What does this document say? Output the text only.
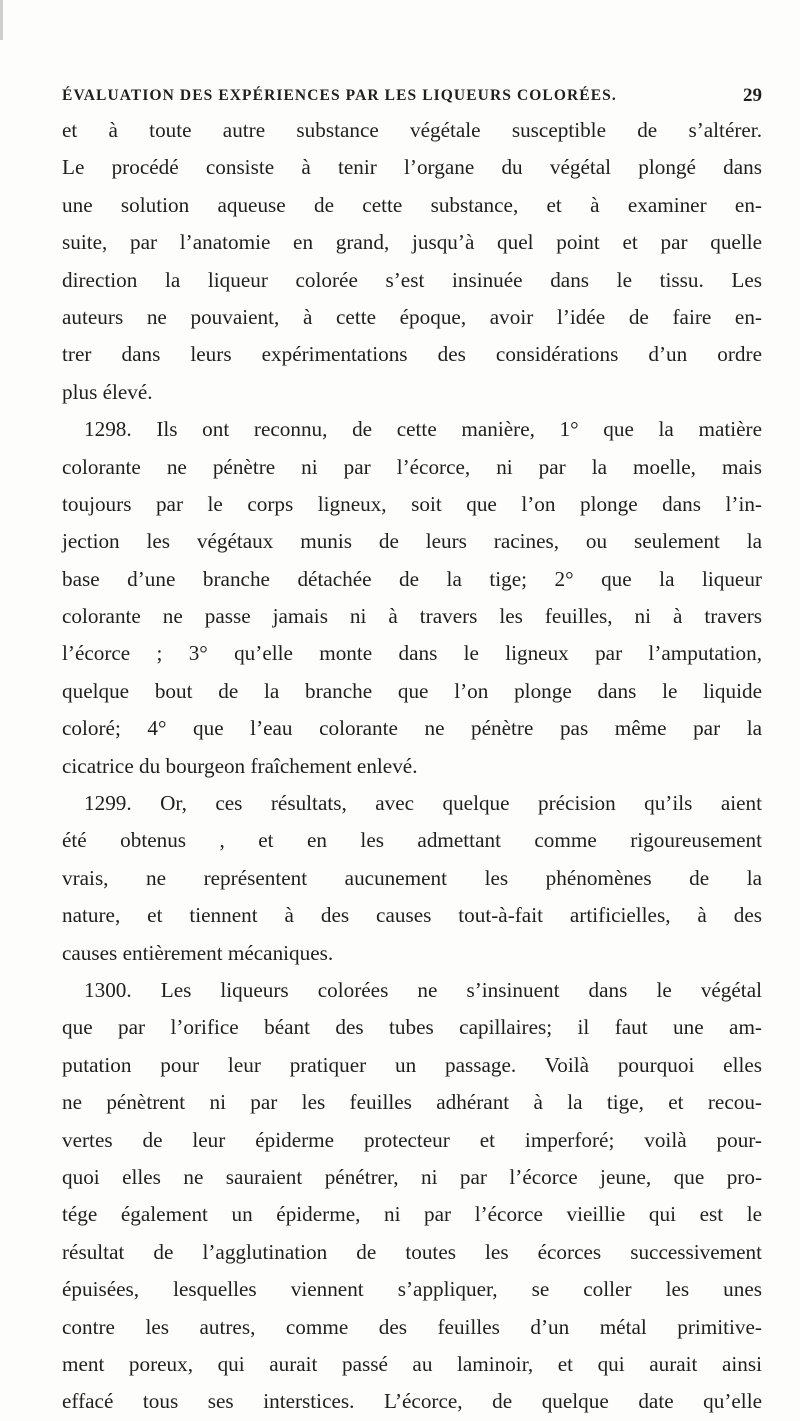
ÉVALUATION DES EXPÉRIENCES PAR LES LIQUEURS COLORÉES.	29
et à toute autre substance végétale susceptible de s’altérer.
Le procédé consiste à tenir l’organe du végétal plongé dans
une solution aqueuse de cette substance, et à examiner en-
suite, par l’anatomie en grand, jusqu’à quel point et par quelle
direction la liqueur colorée s’est insinuée dans le tissu. Les
auteurs ne pouvaient, à cette époque, avoir l’idée de faire en-
trer dans leurs expérimentations des considérations d’un ordre
plus élevé.
1298. Ils ont reconnu, de cette manière, 1° que la matière
colorante ne pénètre ni par l’écorce, ni par la moelle, mais
toujours par le corps ligneux, soit que l’on plonge dans l’in-
jection les végétaux munis de leurs racines, ou seulement la
base d’une branche détachée de la tige; 2° que la liqueur
colorante ne passe jamais ni à travers les feuilles, ni à travers
l’écorce ; 3° qu’elle monte dans le ligneux par l’amputation,
quelque bout de la branche que l’on plonge dans le liquide
coloré; 4° que l’eau colorante ne pénètre pas même par la
cicatrice du bourgeon fraîchement enlevé.
1299. Or, ces résultats, avec quelque précision qu’ils aient
été obtenus , et en les admettant comme rigoureusement
vrais, ne représentent aucunement les phénomènes de la
nature, et tiennent à des causes tout-à-fait artificielles, à des
causes entièrement mécaniques.
1300. Les liqueurs colorées ne s’insinuent dans le végétal
que par l’orifice béant des tubes capillaires; il faut une am-
putation pour leur pratiquer un passage. Voilà pourquoi elles
ne pénètrent ni par les feuilles adhérant à la tige, et recou-
vertes de leur épiderme protecteur et imperforé; voilà pour-
quoi elles ne sauraient pénétrer, ni par l’écorce jeune, que pro-
tége également un épiderme, ni par l’écorce vieillie qui est le
résultat de l’agglutination de toutes les écorces successivement
épuisées, lesquelles viennent s’appliquer, se coller les unes
contre les autres, comme des feuilles d’un métal primitive-
ment poreux, qui aurait passé au laminoir, et qui aurait ainsi
effacé tous ses interstices. L’écorce, de quelque date qu’elle
